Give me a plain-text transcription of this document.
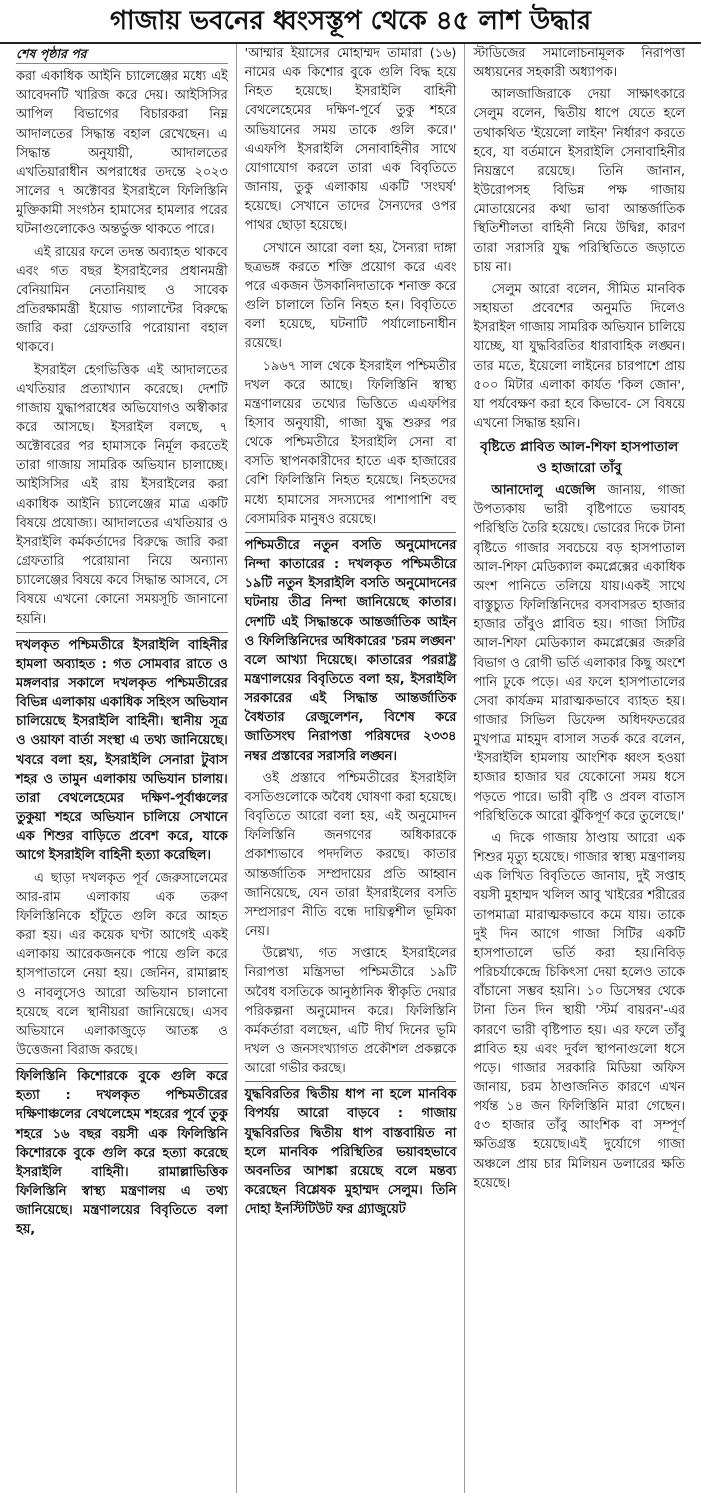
গাজায় ভবনের ধ্বংসস্তূপ থেকে ৪৫ লাশ উদ্ধার
শেষ পৃষ্ঠার পর

করা একাধিক আইনি চ্যালেঞ্জের মধ্যে এই আবেদনটি খারিজ করে দেয়। আইসিসির আপিল বিভাগের বিচারকরা নিম্ন আদালতের সিদ্ধান্ত বহাল রেখেছেন। এ সিদ্ধান্ত অনুযায়ী, আদালতের এখতিয়ারাধীন অপরাধের তদন্তে ২০২৩ সালের ৭ অক্টোবর ইসরাইলে ফিলিস্তিনি মুক্তিকামী সংগঠন হামাসের হামলার পরের ঘটনাগুলোকেও অন্তর্ভুক্ত থাকতে পারে।

এই রায়ের ফলে তদন্ত অব্যাহত থাকবে এবং গত বছর ইসরাইলের প্রধানমন্ত্রী বেনিয়ামিন নেতানিয়াহু ও সাবেক প্রতিরক্ষামন্ত্রী ইয়োভ গ্যালান্টের বিরুদ্ধে জারি করা গ্রেফতারি পরোয়ানা বহাল থাকবে।

ইসরাইল হেগভিত্তিক এই আদালতের এখতিয়ার প্রত্যাখ্যান করেছে। দেশটি গাজায় যুদ্ধাপরাধের অভিযোগও অস্বীকার করে আসছে। ইসরাইল বলছে, ৭ অক্টোবরের পর হামাসকে নির্মূল করতেই তারা গাজায় সামরিক অভিযান চালাচ্ছে। আইসিসির এই রায় ইসরাইলের করা একাধিক আইনি চ্যালেঞ্জের মাত্র একটি বিষয়ে প্রযোজ্য। আদালতের এখতিয়ার ও ইসরাইলি কর্মকর্তাদের বিরুদ্ধে জারি করা গ্রেফতারি পরোয়ানা নিয়ে অন্যান্য চ্যালেঞ্জের বিষয়ে কবে সিদ্ধান্ত আসবে, সে বিষয়ে এখনো কোনো সময়সূচি জানানো হয়নি।

দখলকৃত পশ্চিমতীরে ইসরাইলি বাহিনীর হামলা অব্যাহত : গত সোমবার রাতে ও মঙ্গলবার সকালে দখলকৃত পশ্চিমতীরের বিভিন্ন এলাকায় একাধিক সহিংস অভিযান চালিয়েছে ইসরাইলি বাহিনী। স্থানীয় সূত্র ও ওয়াফা বার্তা সংস্থা এ তথ্য জানিয়েছে। খবরে বলা হয়, ইসরাইলি সেনারা টুবাস শহর ও তামুন এলাকায় অভিযান চালায়। তারা বেথলেহেমের দক্ষিণ-পূর্বাঞ্চলের তুকুয়া শহরে অভিযান চালিয়ে সেখানে এক শিশুর বাড়িতে প্রবেশ করে, যাকে আগে ইসরাইলি বাহিনী হত্যা করেছিল।

এ ছাড়া দখলকৃত পূর্ব জেরুসালেমের আর-রাম এলাকায় এক তরুণ ফিলিস্তিনিকে হাঁটুতে গুলি করে আহত করা হয়। এর কয়েক ঘণ্টা আগেই একই এলাকায় আরেকজনকে পায়ে গুলি করে হাসপাতালে নেয়া হয়। জেনিন, রামাল্লাহ ও নাবলুসেও আরো অভিযান চালানো হয়েছে বলে স্থানীয়রা জানিয়েছে। এসব অভিযানে এলাকাজুড়ে আতঙ্ক ও উত্তেজনা বিরাজ করছে।

ফিলিস্তিনি কিশোরকে বুকে গুলি করে হত্যা : দখলকৃত পশ্চিমতীরের দক্ষিণাঞ্চলের বেথলেহেম শহরের পূর্বে তুকু শহরে ১৬ বছর বয়সী এক ফিলিস্তিনি কিশোরকে বুকে গুলি করে হত্যা করেছে ইসরাইলি বাহিনী। রামাল্লাভিত্তিক ফিলিস্তিনি স্বাস্থ্য মন্ত্রণালয় এ তথ্য জানিয়েছে। মন্ত্রণালয়ের বিবৃতিতে বলা হয়,

'আম্মার ইয়াসের মোহাম্মদ তামারা (১৬) নামের এক কিশোর বুকে গুলি বিদ্ধ হয়ে নিহত হয়েছে। ইসরাইলি বাহিনী বেথলেহেমের দক্ষিণ-পূর্বে তুকু শহরে অভিযানের সময় তাকে গুলি করে।' এএফপি ইসরাইলি সেনাবাহিনীর সাথে যোগাযোগ করলে তারা এক বিবৃতিতে জানায়, তুকু এলাকায় একটি 'সংঘর্ষ' হয়েছে। সেখানে তাদের সৈন্যদের ওপর পাথর ছোড়া হয়েছে।

সেখানে আরো বলা হয়, সৈন্যরা দাঙ্গা ছত্রভঙ্গ করতে শক্তি প্রয়োগ করে এবং পরে একজন উসকানিদাতাকে শনাক্ত করে গুলি চালালে তিনি নিহত হন। বিবৃতিতে বলা হয়েছে, ঘটনাটি পর্যালোচনাধীন রয়েছে।

১৯৬৭ সাল থেকে ইসরাইল পশ্চিমতীর দখল করে আছে। ফিলিস্তিনি স্বাস্থ্য মন্ত্রণালয়ের তথ্যের ভিত্তিতে এএফপির হিসাব অনুযায়ী, গাজা যুদ্ধ শুরুর পর থেকে পশ্চিমতীরে ইসরাইলি সেনা বা বসতি স্থাপনকারীদের হাতে এক হাজারের বেশি ফিলিস্তিনি নিহত হয়েছে। নিহতদের মধ্যে হামাসের সদস্যদের পাশাপাশি বহু বেসামরিক মানুষও রয়েছে।

পশ্চিমতীরে নতুন বসতি অনুমোদনের নিন্দা কাতারের : দখলকৃত পশ্চিমতীরে ১৯টি নতুন ইসরাইলি বসতি অনুমোদনের ঘটনায় তীব্র নিন্দা জানিয়েছে কাতার। দেশটি এই সিদ্ধান্তকে আন্তর্জাতিক আইন ও ফিলিস্তিনিদের অধিকারের 'চরম লঙ্ঘন' বলে আখ্যা দিয়েছে। কাতারের পররাষ্ট্র মন্ত্রণালয়ের বিবৃতিতে বলা হয়, ইসরাইলি সরকারের এই সিদ্ধান্ত আন্তর্জাতিক বৈধতার রেজুলেশন, বিশেষ করে জাতিসংঘ নিরাপত্তা পরিষদের ২৩৩৪ নম্বর প্রস্তাবের সরাসরি লঙ্ঘন।

ওই প্রস্তাবে পশ্চিমতীরের ইসরাইলি বসতিগুলোকে অবৈধ ঘোষণা করা হয়েছে। বিবৃতিতে আরো বলা হয়, এই অনুমোদন ফিলিস্তিনি জনগণের অধিকারকে প্রকাশ্যভাবে পদদলিত করছে। কাতার আন্তর্জাতিক সম্প্রদায়ের প্রতি আহ্বান জানিয়েছে, যেন তারা ইসরাইলের বসতি সম্প্রসারণ নীতি বন্ধে দায়িত্বশীল ভূমিকা নেয়।

উল্লেখ্য, গত সপ্তাহে ইসরাইলের নিরাপত্তা মন্ত্রিসভা পশ্চিমতীরে ১৯টি অবৈধ বসতিকে আনুষ্ঠানিক স্বীকৃতি দেয়ার পরিকল্পনা অনুমোদন করে। ফিলিস্তিনি কর্মকর্তারা বলছেন, এটি দীর্ঘ দিনের ভূমি দখল ও জনসংখ্যাগত প্রকৌশল প্রকল্পকে আরো গভীর করছে।

যুদ্ধবিরতির দ্বিতীয় ধাপ না হলে মানবিক বিপর্যয় আরো বাড়বে : গাজায় যুদ্ধবিরতির দ্বিতীয় ধাপ বাস্তবায়িত না হলে মানবিক পরিস্থিতির ভয়াবহভাবে অবনতির আশঙ্কা রয়েছে বলে মন্তব্য করেছেন বিশ্লেষক মুহাম্মদ সেলুম। তিনি দোহা ইনস্টিটিউট ফর গ্র্যাজুয়েট

স্টাডিজের সমালোচনামূলক নিরাপত্তা অধ্যয়নের সহকারী অধ্যাপক।

আলজাজিরাকে দেয়া সাক্ষাৎকারে সেলুম বলেন, দ্বিতীয় ধাপে যেতে হলে তথাকথিত 'ইয়েলো লাইন' নির্ধারণ করতে হবে, যা বর্তমানে ইসরাইলি সেনাবাহিনীর নিয়ন্ত্রণে রয়েছে। তিনি জানান, ইউরোপসহ বিভিন্ন পক্ষ গাজায় মোতায়েনের কথা ভাবা আন্তর্জাতিক স্থিতিশীলতা বাহিনী নিয়ে উদ্বিগ্ন, কারণ তারা সরাসরি যুদ্ধ পরিস্থিতিতে জড়াতে চায় না।

সেলুম আরো বলেন, সীমিত মানবিক সহায়তা প্রবেশের অনুমতি দিলেও ইসরাইল গাজায় সামরিক অভিযান চালিয়ে যাচ্ছে, যা যুদ্ধবিরতির ধারাবাহিক লঙ্ঘন। তার মতে, ইয়েলো লাইনের চারপাশে প্রায় ৫০০ মিটার এলাকা কার্যত 'কিল জোন', যা পর্যবেক্ষণ করা হবে কিভাবে- সে বিষয়ে এখনো সিদ্ধান্ত হয়নি।

বৃষ্টিতে প্লাবিত আল-শিফা হাসপাতাল ও হাজারো তাঁবু

আনাদোলু এজেন্সি জানায়, গাজা উপত্যকায় ভারী বৃষ্টিপাতে ভয়াবহ পরিস্থিতি তৈরি হয়েছে। ভোরের দিকে টানা বৃষ্টিতে গাজার সবচেয়ে বড় হাসপাতাল আল-শিফা মেডিক্যাল কমপ্লেক্সের একাধিক অংশ পানিতে তলিয়ে যায়।একই সাথে বাস্তুচ্যুত ফিলিস্তিনিদের বসবাসরত হাজার হাজার তাঁবুও প্লাবিত হয়। গাজা সিটির আল-শিফা মেডিক্যাল কমপ্লেক্সের জরুরি বিভাগ ও রোগী ভর্তি এলাকার কিছু অংশে পানি ঢুকে পড়ে। এর ফলে হাসপাতালের সেবা কার্যক্রম মারাত্মকভাবে ব্যাহত হয়। গাজার সিভিল ডিফেন্স অধিদফতরের মুখপাত্র মাহমুদ বাসাল সতর্ক করে বলেন, 'ইসরাইলি হামলায় আংশিক ধ্বংস হওয়া হাজার হাজার ঘর যেকোনো সময় ধসে পড়তে পারে। ভারী বৃষ্টি ও প্রবল বাতাস পরিস্থিতিকে আরো ঝুঁকিপূর্ণ করে তুলেছে।'

এ দিকে গাজায় ঠাণ্ডায় আরো এক শিশুর মৃত্যু হয়েছে। গাজার স্বাস্থ্য মন্ত্রণালয় এক লিখিত বিবৃতিতে জানায়, দুই সপ্তাহ বয়সী মুহাম্মদ খলিল আবু খাইরের শরীরের তাপমাত্রা মারাত্মকভাবে কমে যায়। তাকে দুই দিন আগে গাজা সিটির একটি হাসপাতালে ভর্তি করা হয়।নিবিড় পরিচর্যাকেন্দ্রে চিকিৎসা দেয়া হলেও তাকে বাঁচানো সম্ভব হয়নি। ১০ ডিসেম্বর থেকে টানা তিন দিন স্থায়ী 'স্টর্ম বায়রন'-এর কারণে ভারী বৃষ্টিপাত হয়। এর ফলে তাঁবু প্লাবিত হয় এবং দুর্বল স্থাপনাগুলো ধসে পড়ে। গাজার সরকারি মিডিয়া অফিস জানায়, চরম ঠাণ্ডাজনিত কারণে এখন পর্যন্ত ১৪ জন ফিলিস্তিনি মারা গেছেন। ৫৩ হাজার তাঁবু আংশিক বা সম্পূর্ণ ক্ষতিগ্রস্ত হয়েছে।এই দুর্যোগে গাজা অঞ্চলে প্রায় চার মিলিয়ন ডলারের ক্ষতি হয়েছে।
